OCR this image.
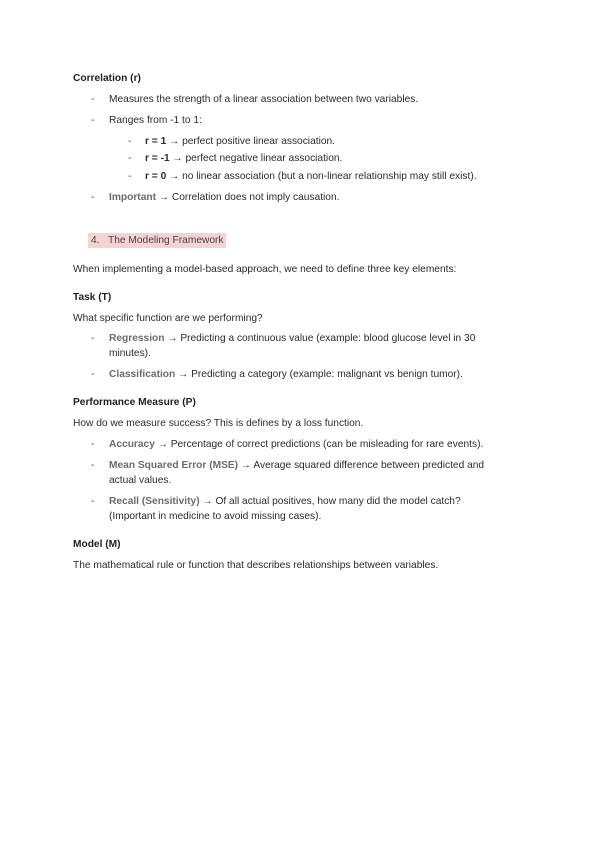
Correlation (r)
- Measures the strength of a linear association between two variables.
- Ranges from -1 to 1:
- r = 1 → perfect positive linear association.
- r = -1 → perfect negative linear association.
- r = 0 → no linear association (but a non-linear relationship may still exist).
- Important → Correlation does not imply causation.
4. The Modeling Framework
When implementing a model-based approach, we need to define three key elements:
Task (T)
What specific function are we performing?
- Regression → Predicting a continuous value (example: blood glucose level in 30
minutes).
- Classification → Predicting a category (example: malignant vs benign tumor).
Performance Measure (P)
How do we measure success? This is defines by a loss function.
- Accuracy → Percentage of correct predictions (can be misleading for rare events).
- Mean Squared Error (MSE) → Average squared difference between predicted and
actual values.
- Recall (Sensitivity) → Of all actual positives, how many did the model catch?
(Important in medicine to avoid missing cases).
Model (M)
The mathematical rule or function that describes relationships between variables.
